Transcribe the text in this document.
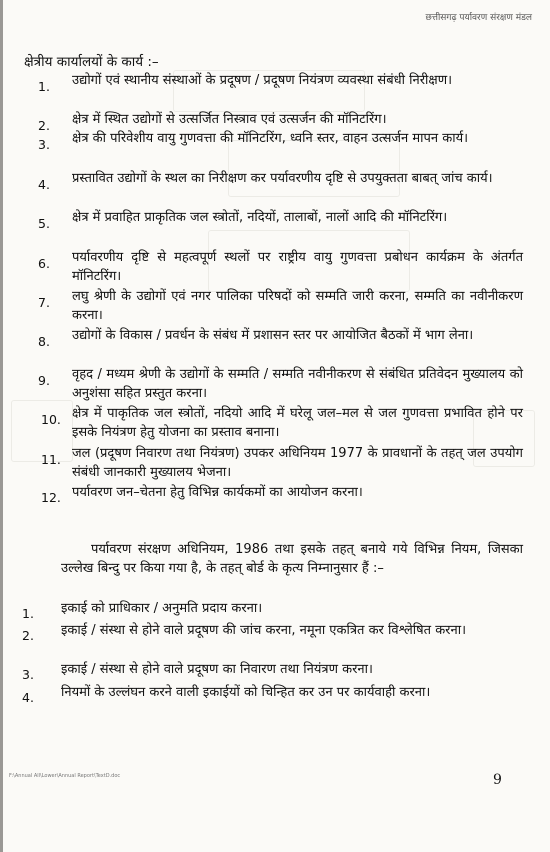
छत्तीसगढ़ पर्यावरण संरक्षण मंडल
क्षेत्रीय कार्यालयों के कार्य :–
1. उद्योगों एवं स्थानीय संस्थाओं के प्रदूषण / प्रदूषण नियंत्रण व्यवस्था संबंधी निरीक्षण।
2. क्षेत्र में स्थित उद्योगों से उत्सर्जित निस्त्राव एवं उत्सर्जन की मॉनिटरिंग।
3. क्षेत्र की परिवेशीय वायु गुणवत्ता की मॉनिटरिंग, ध्वनि स्तर, वाहन उत्सर्जन मापन कार्य।
4. प्रस्तावित उद्योगों के स्थल का निरीक्षण कर पर्यावरणीय दृष्टि से उपयुक्तता बाबत् जांच कार्य।
5. क्षेत्र में प्रवाहित प्राकृतिक जल स्त्रोतों, नदियों, तालाबों, नालों आदि की मॉनिटरिंग।
6. पर्यावरणीय दृष्टि से महत्वपूर्ण स्थलों पर राष्ट्रीय वायु गुणवत्ता प्रबोधन कार्यक्रम के अंतर्गत मॉनिटरिंग।
7. लघु श्रेणी के उद्योगों एवं नगर पालिका परिषदों को सम्मति जारी करना, सम्मति का नवीनीकरण करना।
8. उद्योगों के विकास / प्रवर्धन के संबंध में प्रशासन स्तर पर आयोजित बैठकों में भाग लेना।
9. वृहद / मध्यम श्रेणी के उद्योगों के सम्मति / सम्मति नवीनीकरण से संबंधित प्रतिवेदन मुख्यालय को अनुशंसा सहित प्रस्तुत करना।
10. क्षेत्र में पाकृतिक जल स्त्रोतों, नदियो आदि में घरेलू जल–मल से जल गुणवत्ता प्रभावित होने पर इसके नियंत्रण हेतु योजना का प्रस्ताव बनाना।
11. जल (प्रदूषण निवारण तथा नियंत्रण) उपकर अधिनियम 1977 के प्रावधानों के तहत् जल उपयोग संबंधी जानकारी मुख्यालय भेजना।
12. पर्यावरण जन–चेतना हेतु विभिन्न कार्यकमों का आयोजन करना।

पर्यावरण संरक्षण अधिनियम, 1986 तथा इसके तहत् बनाये गये विभिन्न नियम, जिसका उल्लेख बिन्दु पर किया गया है, के तहत् बोर्ड के कृत्य निम्नानुसार हैं :–

1. इकाई को प्राधिकार / अनुमति प्रदाय करना।
2. इकाई / संस्था से होने वाले प्रदूषण की जांच करना, नमूना एकत्रित कर विश्लेषित करना।
3. इकाई / संस्था से होने वाले प्रदूषण का निवारण तथा नियंत्रण करना।
4. नियमों के उल्लंघन करने वाली इकाईयों को चिन्हित कर उन पर कार्यवाही करना।
F:\Annual All\Lower\Annual Report\TextD.doc	9
